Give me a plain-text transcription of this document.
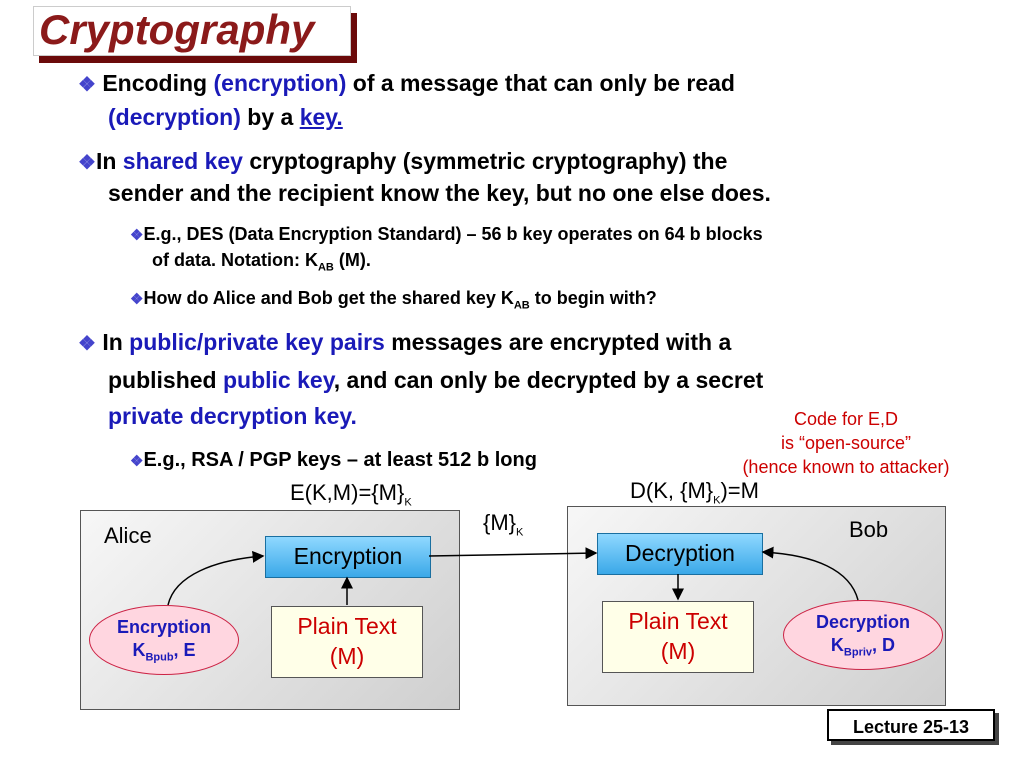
Cryptography
❖ Encoding (encryption) of a message that can only be read
(decryption) by a key.
❖In shared key cryptography (symmetric cryptography) the
sender and the recipient know the key, but no one else does.
❖E.g., DES (Data Encryption Standard) – 56 b key operates on 64 b blocks
of data. Notation: $K_{AB}$ (M).
❖How do Alice and Bob get the shared key $K_{AB}$ to begin with?
❖ In public/private key pairs messages are encrypted with a
published public key, and can only be decrypted by a secret
private decryption key.
❖E.g., RSA / PGP keys – at least 512 b long
Code for E,D
is “open-source”
(hence known to attacker)
$E(K,M)=\{M\}_K$	D(K, $\{M\}_K)=M$
$\{M\}_K$
Alice
Encryption
Plain Text
(M)
Encryption
$K_{Bpub}$, E
Bob
Decryption
Plain Text
(M)
Decryption
$K_{Bpriv}$, D
Lecture 25-13
